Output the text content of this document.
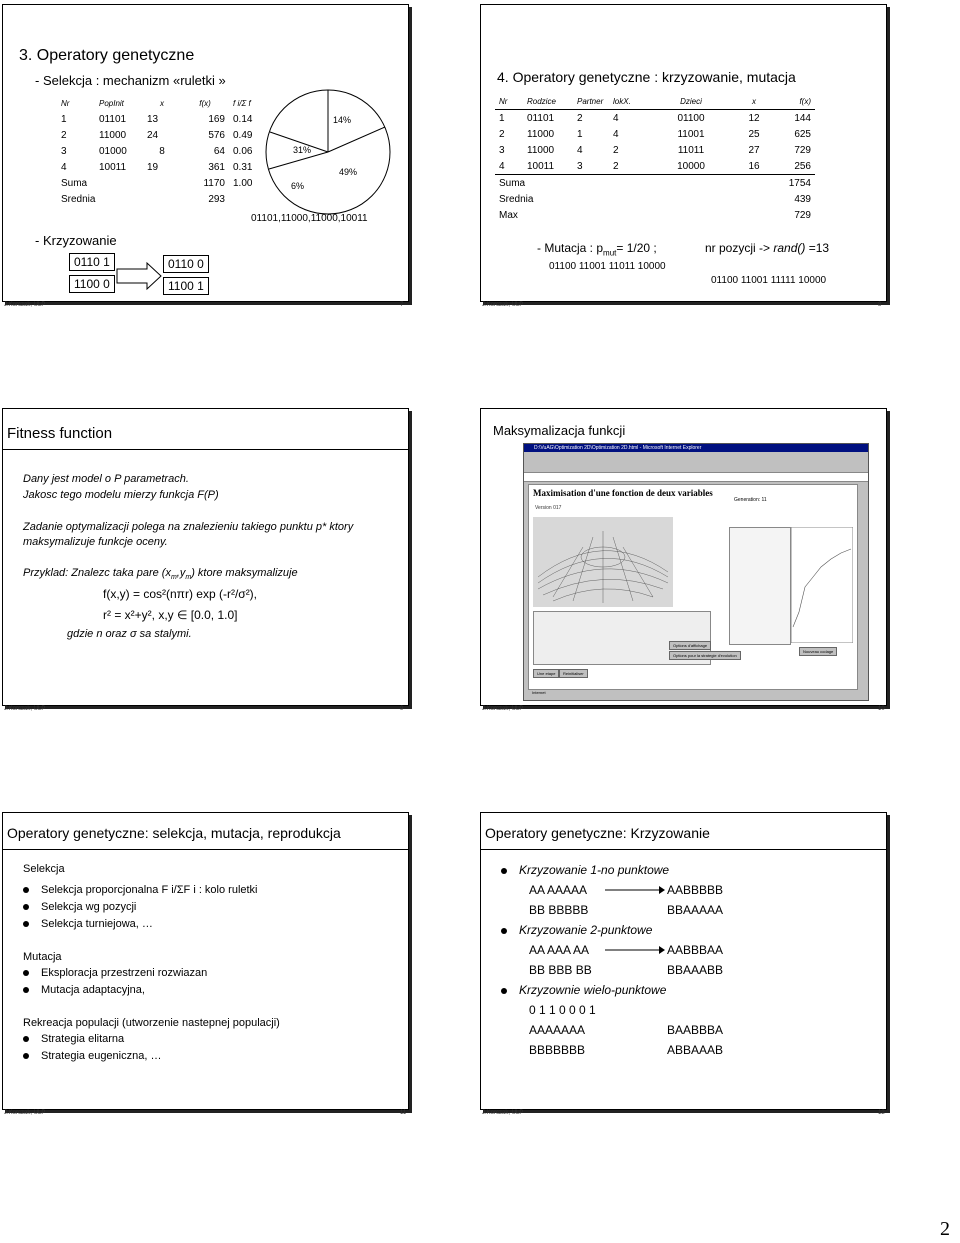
3. Operatory genetyczne
- Selekcja : mechanizm «ruletki »
Nr	PopInit	x	f(x)	f i/Σ f
1	01101	13	169	0.14
2	11000	24	576	0.49
3	01000	8	64	0.06
4	10011	19	361	0.31
Suma			1170	1.00
Srednia			293	
14%
49%
6%
31%
01101,11000,11000,10011
- Krzyzowanie
0110 1
1100 0
0110 0
1100 1
J.Korczak, ULP	7
4. Operatory genetyczne : krzyzowanie, mutacja
Nr	Rodzice	Partner	lokX.	Dzieci	x	f(x)
1	01101	2	4	01100	12	144
2	11000	1	4	11001	25	625
3	11000	4	2	11011	27	729
4	10011	3	2	10000	16	256
Suma						1754
Srednia						439
Max						729
- Mutacja : $p_{mut}= 1/20$ ;	nr pozycji -> rand() =13
01100 11001 11011 10000
01100 11001 11111 10000
J.Korczak, ULP	8
Fitness function
Dany jest model o P parametrach.
Jakosc tego modelu mierzy funkcja F(P)
Zadanie optymalizacji polega na znalezieniu takiego punktu p* ktory
maksymalizuje funkcje oceny.
Przyklad: Znalezc taka pare $(x_m,y_m)$ ktore maksymalizuje
f(x,y) = cos²(nπr) exp (-r²/σ²),
r² = x²+y², x,y ∈ [0.0, 1.0]
gdzie n oraz σ sa stalymi.
J.Korczak, ULP	9
Maksymalizacja funkcji
D:\VuAG\Optimization 2D\Optimization 2D.html - Microsoft Internet Explorer
Maximisation d'une fonction de deux variables
Version 017
Generation: 11
Options d'affichage
Options pour la strategie d'evolution
Une etape	Reinitialiser
Nouveau codage
Internet
J.Korczak, ULP	10
Operatory genetyczne: selekcja, mutacja, reprodukcja
Selekcja
Selekcja proporcjonalna F i/ΣF i : kolo ruletki
Selekcja wg pozycji
Selekcja turniejowa, …
Mutacja
Eksploracja przestrzeni rozwiazan
Mutacja adaptacyjna,
Rekreacja populacji (utworzenie nastepnej populacji)
Strategia elitarna
Strategia eugeniczna, …
J.Korczak, ULP	11
Operatory genetyczne: Krzyzowanie
Krzyzowanie 1-no punktowe
AA AAAAA
BB BBBBB
AABBBBB
BBAAAAA
Krzyzowanie 2-punktowe
AA AAA AA
BB BBB BB
AABBBAA
BBAAABB
Krzyzownie wielo-punktowe
0 1 1 0 0 0 1
AAAAAAA
BBBBBBB
BAABBBA
ABBAAAB
J.Korczak, ULP	12
2
